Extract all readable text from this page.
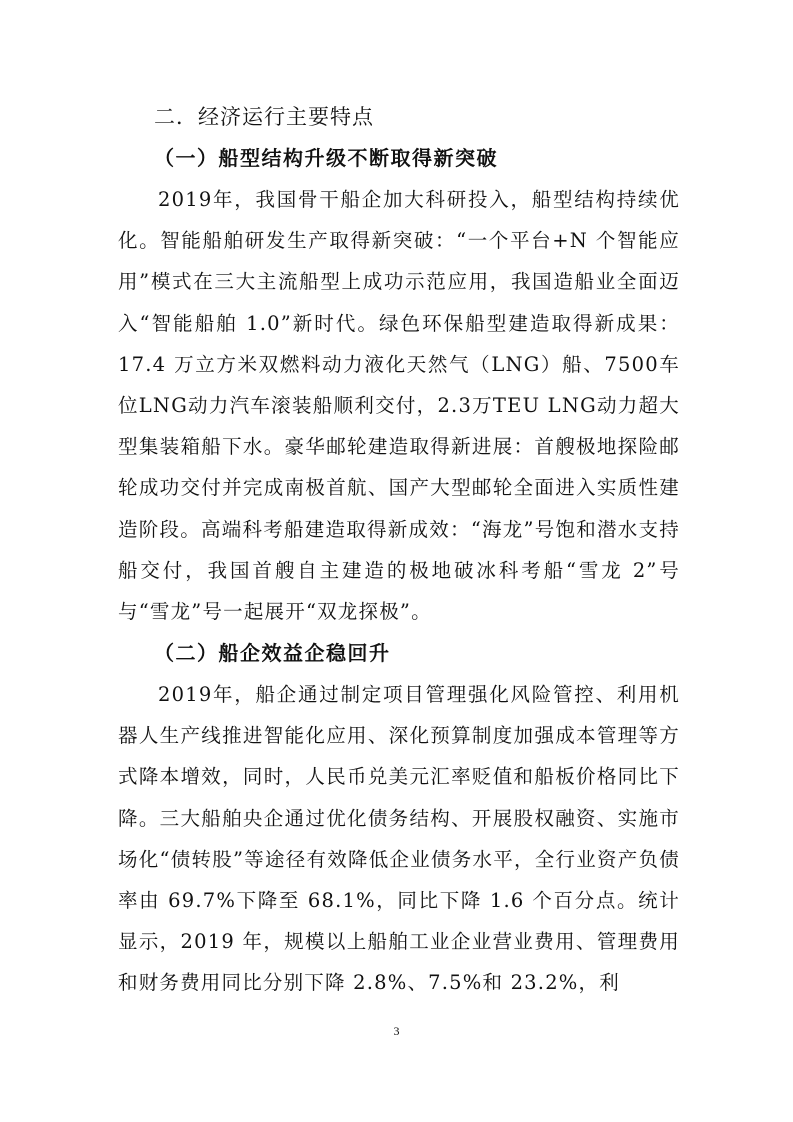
二．经济运行主要特点
（一）船型结构升级不断取得新突破

2019年，我国骨干船企加大科研投入，船型结构持续优化。智能船舶研发生产取得新突破：“一个平台+N 个智能应用”模式在三大主流船型上成功示范应用，我国造船业全面迈入“智能船舶 1.0”新时代。绿色环保船型建造取得新成果：17.4 万立方米双燃料动力液化天然气（LNG）船、7500车位LNG动力汽车滚装船顺利交付，2.3万TEU LNG动力超大型集装箱船下水。豪华邮轮建造取得新进展：首艘极地探险邮轮成功交付并完成南极首航、国产大型邮轮全面进入实质性建造阶段。高端科考船建造取得新成效：“海龙”号饱和潜水支持船交付，我国首艘自主建造的极地破冰科考船“雪龙 2”号与“雪龙”号一起展开“双龙探极”。

（二）船企效益企稳回升

2019年，船企通过制定项目管理强化风险管控、利用机器人生产线推进智能化应用、深化预算制度加强成本管理等方式降本增效，同时，人民币兑美元汇率贬值和船板价格同比下降。三大船舶央企通过优化债务结构、开展股权融资、实施市场化“债转股”等途径有效降低企业债务水平，全行业资产负债率由 69.7%下降至 68.1%，同比下降 1.6 个百分点。统计显示，2019 年，规模以上船舶工业企业营业费用、管理费用和财务费用同比分别下降 2.8%、7.5%和 23.2%，利

3
